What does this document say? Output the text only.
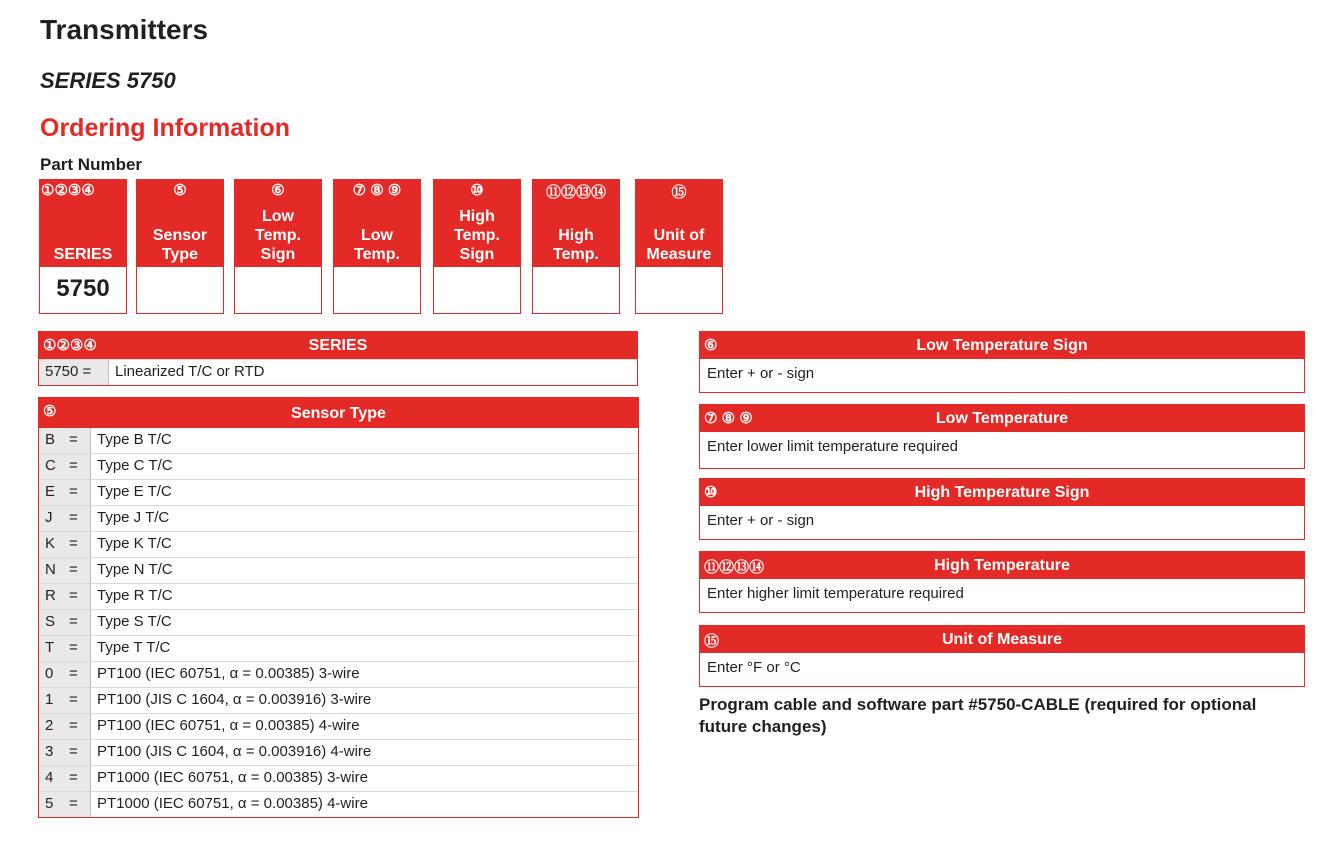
Transmitters
SERIES 5750
Ordering Information
Part Number
①②③④
SERIES
5750
⑤
Sensor Type
⑥
Low Temp. Sign
⑦ ⑧ ⑨
Low Temp.
⑩
High Temp. Sign
⑪⑫⑬⑭
High Temp.
⑮
Unit of Measure
①②③④	SERIES
5750 =	Linearized T/C or RTD
⑤	Sensor Type
B =	Type B T/C
C =	Type C T/C
E =	Type E T/C
J	=	Type J T/C
K =	Type K T/C
N =	Type N T/C
R =	Type R T/C
S =	Type S T/C
T =	Type T T/C
0	=	PT100 (IEC 60751, α = 0.00385) 3-wire
1	=	PT100 (JIS C 1604, α = 0.003916) 3-wire
2	=	PT100 (IEC 60751, α = 0.00385) 4-wire
3	=	PT100 (JIS C 1604, α = 0.003916) 4-wire
4	=	PT1000 (IEC 60751, α = 0.00385) 3-wire
5	=	PT1000 (IEC 60751, α = 0.00385) 4-wire
⑥	Low Temperature Sign
Enter + or - sign
⑦ ⑧ ⑨	Low Temperature
Enter lower limit temperature required
⑩	High Temperature Sign
Enter + or - sign
⑪⑫⑬⑭	High Temperature
Enter higher limit temperature required
⑮	Unit of Measure
Enter °F or °C
Program cable and software part #5750-CABLE (required for optional future changes)
